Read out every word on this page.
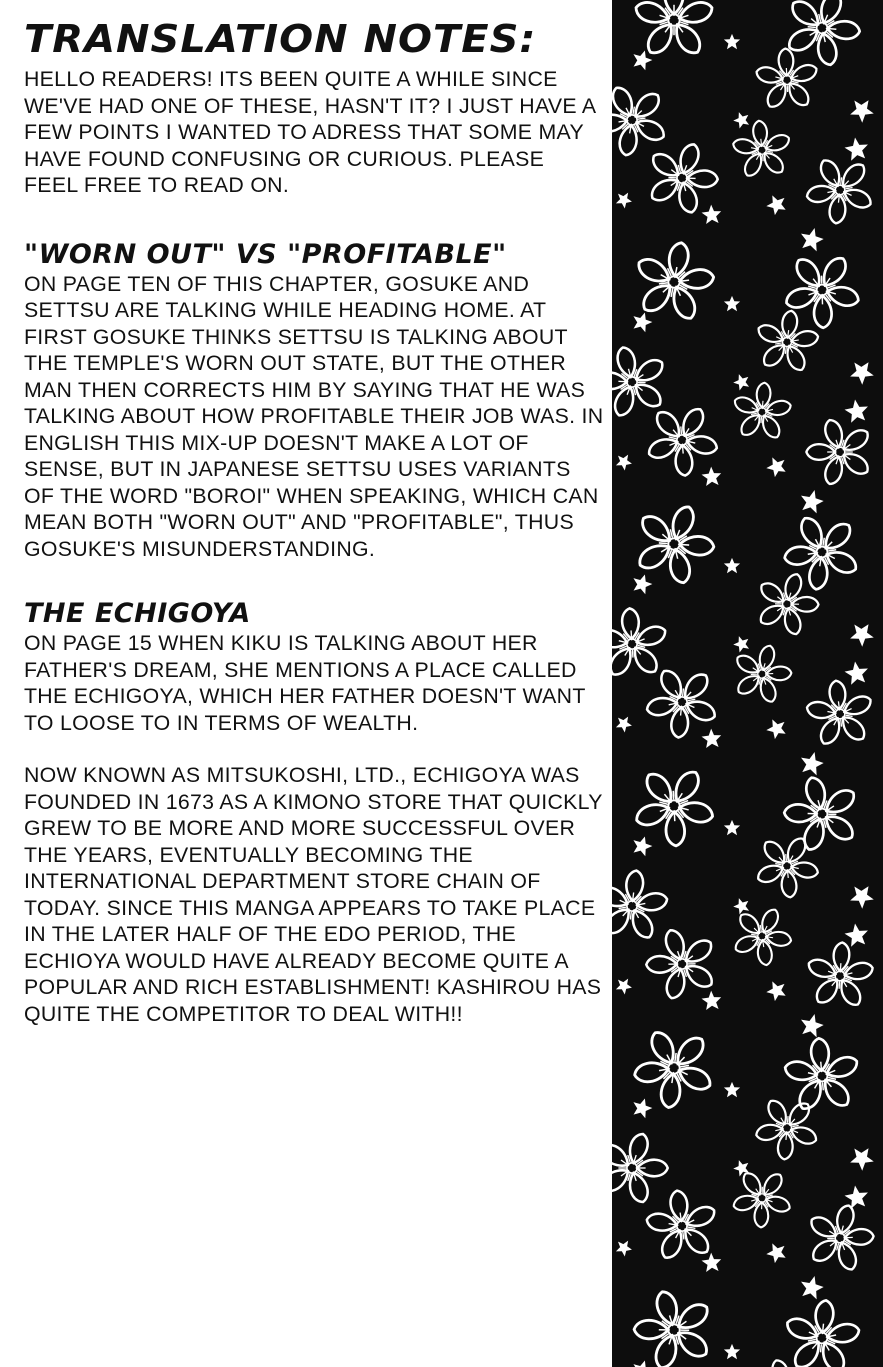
TRANSLATION NOTES:

HELLO READERS! ITS BEEN QUITE A WHILE SINCE WE'VE HAD ONE OF THESE, HASN'T IT? I JUST HAVE A FEW POINTS I WANTED TO ADRESS THAT SOME MAY HAVE FOUND CONFUSING OR CURIOUS. PLEASE FEEL FREE TO READ ON.

"WORN OUT" VS "PROFITABLE"

ON PAGE TEN OF THIS CHAPTER, GOSUKE AND SETTSU ARE TALKING WHILE HEADING HOME. AT FIRST GOSUKE THINKS SETTSU IS TALKING ABOUT THE TEMPLE'S WORN OUT STATE, BUT THE OTHER MAN THEN CORRECTS HIM BY SAYING THAT HE WAS TALKING ABOUT HOW PROFITABLE THEIR JOB WAS. IN ENGLISH THIS MIX-UP DOESN'T MAKE A LOT OF SENSE, BUT IN JAPANESE SETTSU USES VARIANTS OF THE WORD "BOROI" WHEN SPEAKING, WHICH CAN MEAN BOTH "WORN OUT" AND "PROFITABLE", THUS GOSUKE'S MISUNDERSTANDING.

THE ECHIGOYA

ON PAGE 15 WHEN KIKU IS TALKING ABOUT HER FATHER'S DREAM, SHE MENTIONS A PLACE CALLED THE ECHIGOYA, WHICH HER FATHER DOESN'T WANT TO LOOSE TO IN TERMS OF WEALTH.

NOW KNOWN AS MITSUKOSHI, LTD., ECHIGOYA WAS FOUNDED IN 1673 AS A KIMONO STORE THAT QUICKLY GREW TO BE MORE AND MORE SUCCESSFUL OVER THE YEARS, EVENTUALLY BECOMING THE INTERNATIONAL DEPARTMENT STORE CHAIN OF TODAY. SINCE THIS MANGA APPEARS TO TAKE PLACE IN THE LATER HALF OF THE EDO PERIOD, THE ECHIOYA WOULD HAVE ALREADY BECOME QUITE A POPULAR AND RICH ESTABLISHMENT! KASHIROU HAS QUITE THE COMPETITOR TO DEAL WITH!!
